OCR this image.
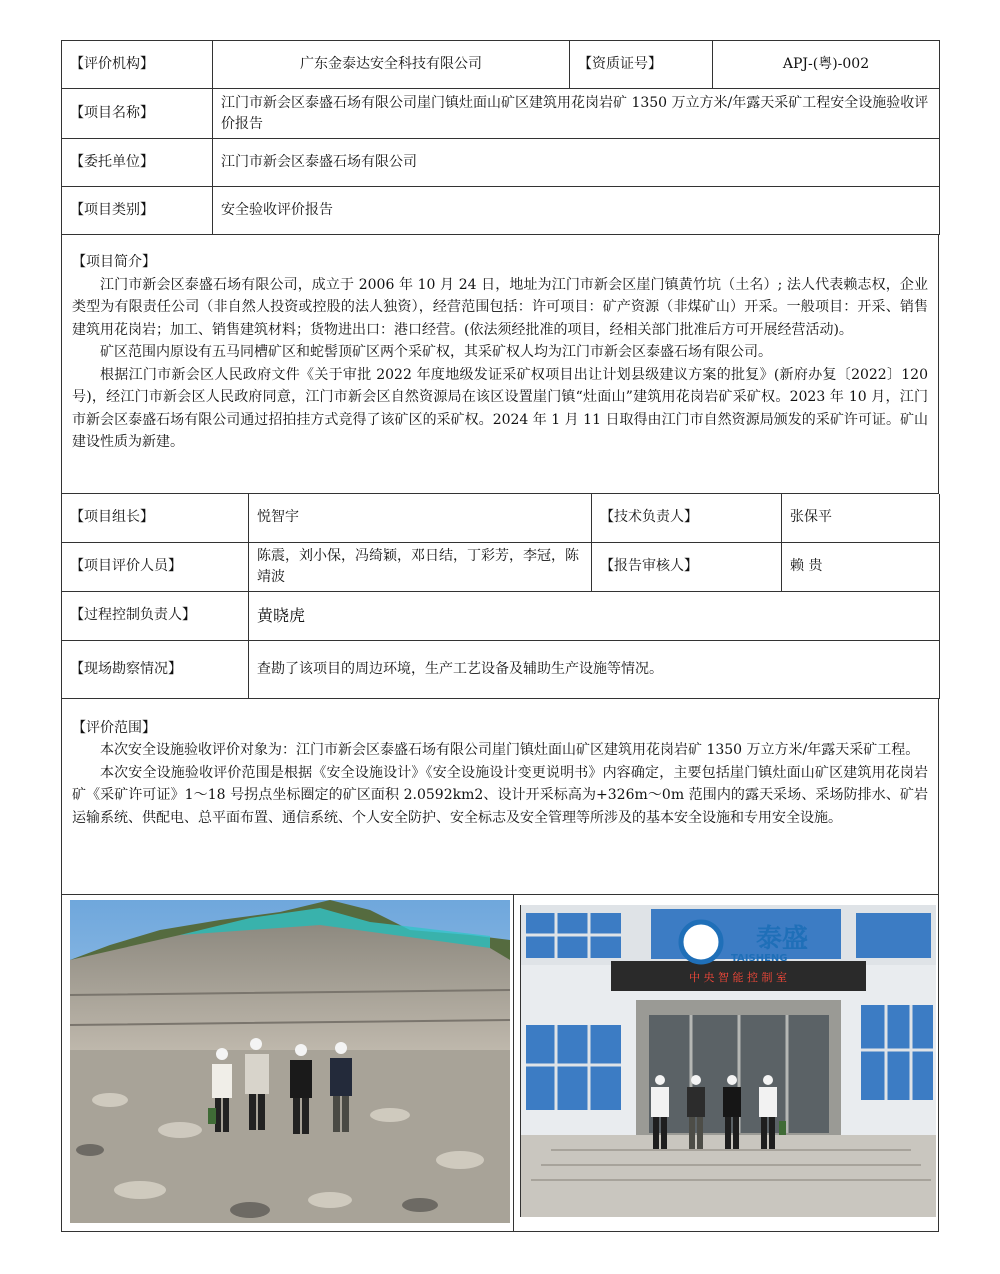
【评价机构】	广东金泰达安全科技有限公司	【资质证号】	APJ-(粤)-002
【项目名称】	江门市新会区泰盛石场有限公司崖门镇灶面山矿区建筑用花岗岩矿 1350 万立方米/年露天采矿工程安全设施验收评价报告		
【委托单位】	江门市新会区泰盛石场有限公司		
【项目类别】	安全验收评价报告		

【项目简介】

江门市新会区泰盛石场有限公司，成立于 2006 年 10 月 24 日，地址为江门市新会区崖门镇黄竹坑（土名）; 法人代表赖志权，企业类型为有限责任公司（非自然人投资或控股的法人独资），经营范围包括：许可项目：矿产资源（非煤矿山）开采。一般项目：开采、销售建筑用花岗岩；加工、销售建筑材料；货物进出口：港口经营。(依法须经批准的项目，经相关部门批准后方可开展经营活动)。

矿区范围内原设有五马同槽矿区和蛇髻顶矿区两个采矿权，其采矿权人均为江门市新会区泰盛石场有限公司。

根据江门市新会区人民政府文件《关于审批 2022 年度地级发证采矿权项目出让计划县级建议方案的批复》(新府办复〔2022〕120 号)，经江门市新会区人民政府同意，江门市新会区自然资源局在该区设置崖门镇“灶面山”建筑用花岗岩矿采矿权。2023 年 10 月，江门市新会区泰盛石场有限公司通过招拍挂方式竞得了该矿区的采矿权。2024 年 1 月 11 日取得由江门市自然资源局颁发的采矿许可证。矿山建设性质为新建。

【项目组长】	悦智宇	【技术负责人】	张保平
【项目评价人员】	陈震，刘小保，冯绮颖，邓日结，丁彩芳，李冠，陈靖波	【报告审核人】	赖 贵
【过程控制负责人】	黄晓虎		
【现场勘察情况】	查勘了该项目的周边环境，生产工艺设备及辅助生产设施等情况。		

【评价范围】

本次安全设施验收评价对象为：江门市新会区泰盛石场有限公司崖门镇灶面山矿区建筑用花岗岩矿 1350 万立方米/年露天采矿工程。

本次安全设施验收评价范围是根据《安全设施设计》《安全设施设计变更说明书》内容确定，主要包括崖门镇灶面山矿区建筑用花岗岩矿《采矿许可证》1～18 号拐点坐标圈定的矿区面积 2.0592km2、设计开采标高为+326m～0m 范围内的露天采场、采场防排水、矿岩运输系统、供配电、总平面布置、通信系统、个人安全防护、安全标志及安全管理等所涉及的基本安全设施和专用安全设施。

中 央 智 能 控 制 室
泰盛
TAISHENG
